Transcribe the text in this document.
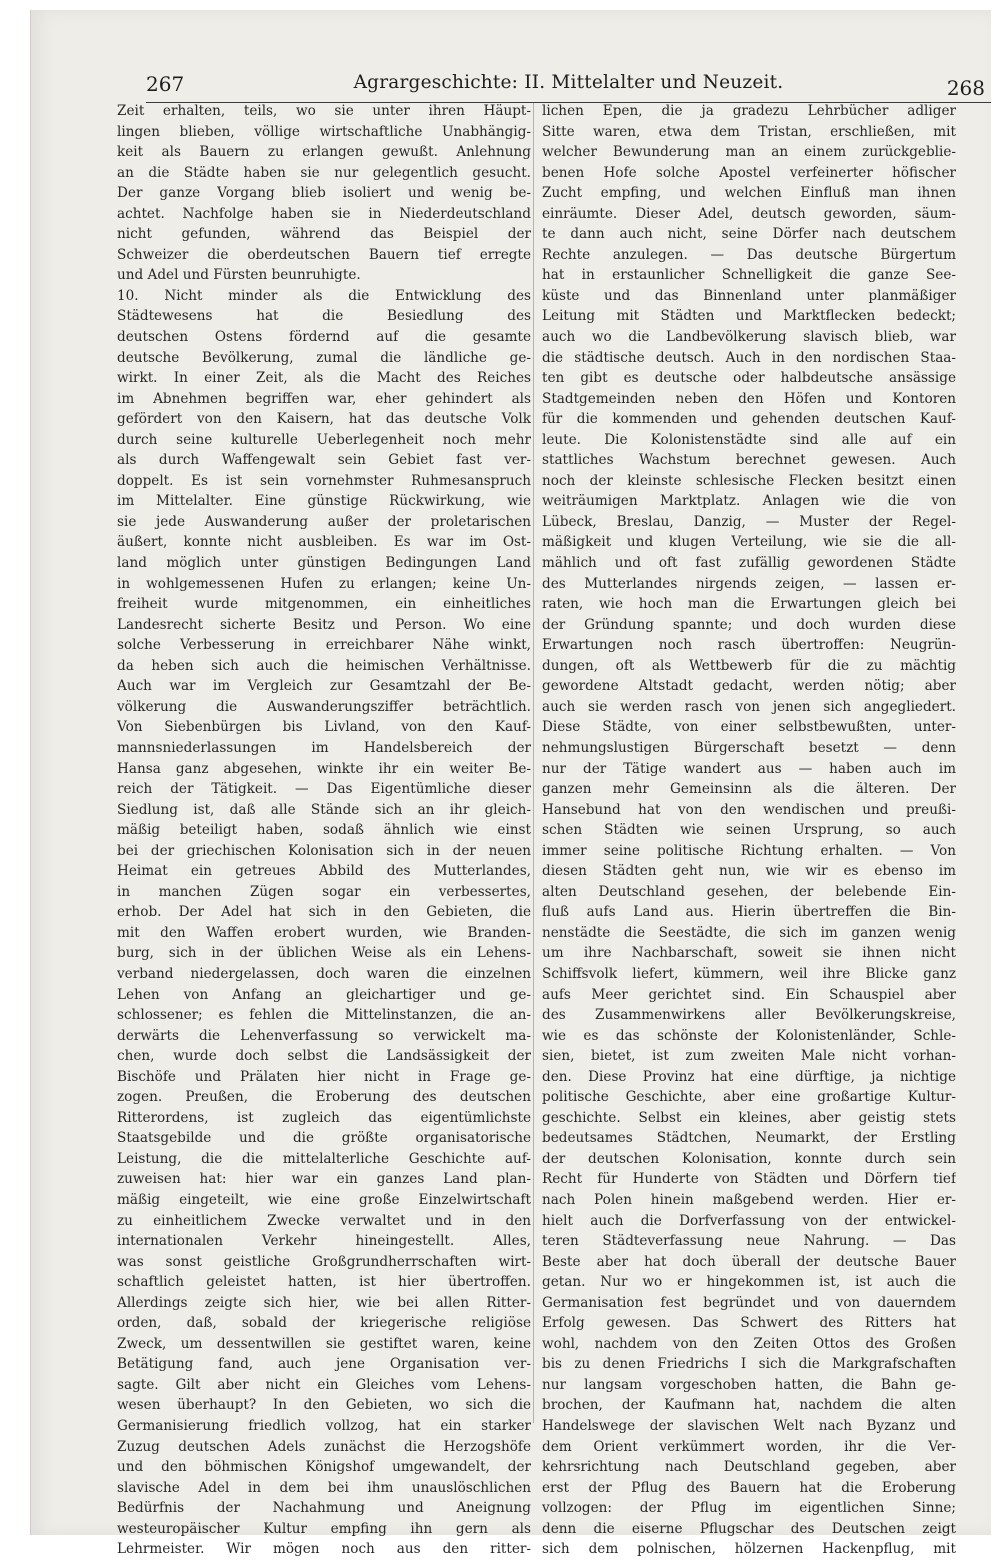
267	Agrargeschichte: II. Mittelalter und Neuzeit.	268
Zeit erhalten, teils, wo sie unter ihren Häupt-
lingen blieben, völlige wirtschaftliche Unabhängig-
keit als Bauern zu erlangen gewußt. Anlehnung
an die Städte haben sie nur gelegentlich gesucht.
Der ganze Vorgang blieb isoliert und wenig be-
achtet. Nachfolge haben sie in Niederdeutschland
nicht gefunden, während das Beispiel der
Schweizer die oberdeutschen Bauern tief erregte
und Adel und Fürsten beunruhigte.
10. Nicht minder als die Entwicklung des
Städtewesens hat die Besiedlung des
deutschen Ostens fördernd auf die gesamte
deutsche Bevölkerung, zumal die ländliche ge-
wirkt. In einer Zeit, als die Macht des Reiches
im Abnehmen begriffen war, eher gehindert als
gefördert von den Kaisern, hat das deutsche Volk
durch seine kulturelle Ueberlegenheit noch mehr
als durch Waffengewalt sein Gebiet fast ver-
doppelt. Es ist sein vornehmster Ruhmesanspruch
im Mittelalter. Eine günstige Rückwirkung, wie
sie jede Auswanderung außer der proletarischen
äußert, konnte nicht ausbleiben. Es war im Ost-
land möglich unter günstigen Bedingungen Land
in wohlgemessenen Hufen zu erlangen; keine Un-
freiheit wurde mitgenommen, ein einheitliches
Landesrecht sicherte Besitz und Person. Wo eine
solche Verbesserung in erreichbarer Nähe winkt,
da heben sich auch die heimischen Verhältnisse.
Auch war im Vergleich zur Gesamtzahl der Be-
völkerung die Auswanderungsziffer beträchtlich.
Von Siebenbürgen bis Livland, von den Kauf-
mannsniederlassungen im Handelsbereich der
Hansa ganz abgesehen, winkte ihr ein weiter Be-
reich der Tätigkeit. — Das Eigentümliche dieser
Siedlung ist, daß alle Stände sich an ihr gleich-
mäßig beteiligt haben, sodaß ähnlich wie einst
bei der griechischen Kolonisation sich in der neuen
Heimat ein getreues Abbild des Mutterlandes,
in manchen Zügen sogar ein verbessertes,
erhob. Der Adel hat sich in den Gebieten, die
mit den Waffen erobert wurden, wie Branden-
burg, sich in der üblichen Weise als ein Lehens-
verband niedergelassen, doch waren die einzelnen
Lehen von Anfang an gleichartiger und ge-
schlossener; es fehlen die Mittelinstanzen, die an-
derwärts die Lehenverfassung so verwickelt ma-
chen, wurde doch selbst die Landsässigkeit der
Bischöfe und Prälaten hier nicht in Frage ge-
zogen. Preußen, die Eroberung des deutschen
Ritterordens, ist zugleich das eigentümlichste
Staatsgebilde und die größte organisatorische
Leistung, die die mittelalterliche Geschichte auf-
zuweisen hat: hier war ein ganzes Land plan-
mäßig eingeteilt, wie eine große Einzelwirtschaft
zu einheitlichem Zwecke verwaltet und in den
internationalen Verkehr hineingestellt. Alles,
was sonst geistliche Großgrundherrschaften wirt-
schaftlich geleistet hatten, ist hier übertroffen.
Allerdings zeigte sich hier, wie bei allen Ritter-
orden, daß, sobald der kriegerische religiöse
Zweck, um dessentwillen sie gestiftet waren, keine
Betätigung fand, auch jene Organisation ver-
sagte. Gilt aber nicht ein Gleiches vom Lehens-
wesen überhaupt? In den Gebieten, wo sich die
Germanisierung friedlich vollzog, hat ein starker
Zuzug deutschen Adels zunächst die Herzogshöfe
und den böhmischen Königshof umgewandelt, der
slavische Adel in dem bei ihm unauslöschlichen
Bedürfnis der Nachahmung und Aneignung
westeuropäischer Kultur empfing ihn gern als
Lehrmeister. Wir mögen noch aus den ritter-
lichen Epen, die ja gradezu Lehrbücher adliger
Sitte waren, etwa dem Tristan, erschließen, mit
welcher Bewunderung man an einem zurückgeblie-
benen Hofe solche Apostel verfeinerter höfischer
Zucht empfing, und welchen Einfluß man ihnen
einräumte. Dieser Adel, deutsch geworden, säum-
te dann auch nicht, seine Dörfer nach deutschem
Rechte anzulegen. — Das deutsche Bürgertum
hat in erstaunlicher Schnelligkeit die ganze See-
küste und das Binnenland unter planmäßiger
Leitung mit Städten und Marktflecken bedeckt;
auch wo die Landbevölkerung slavisch blieb, war
die städtische deutsch. Auch in den nordischen Staa-
ten gibt es deutsche oder halbdeutsche ansässige
Stadtgemeinden neben den Höfen und Kontoren
für die kommenden und gehenden deutschen Kauf-
leute. Die Kolonistenstädte sind alle auf ein
stattliches Wachstum berechnet gewesen. Auch
noch der kleinste schlesische Flecken besitzt einen
weiträumigen Marktplatz. Anlagen wie die von
Lübeck, Breslau, Danzig, — Muster der Regel-
mäßigkeit und klugen Verteilung, wie sie die all-
mählich und oft fast zufällig gewordenen Städte
des Mutterlandes nirgends zeigen, — lassen er-
raten, wie hoch man die Erwartungen gleich bei
der Gründung spannte; und doch wurden diese
Erwartungen noch rasch übertroffen: Neugrün-
dungen, oft als Wettbewerb für die zu mächtig
gewordene Altstadt gedacht, werden nötig; aber
auch sie werden rasch von jenen sich angegliedert.
Diese Städte, von einer selbstbewußten, unter-
nehmungslustigen Bürgerschaft besetzt — denn
nur der Tätige wandert aus — haben auch im
ganzen mehr Gemeinsinn als die älteren. Der
Hansebund hat von den wendischen und preußi-
schen Städten wie seinen Ursprung, so auch
immer seine politische Richtung erhalten. — Von
diesen Städten geht nun, wie wir es ebenso im
alten Deutschland gesehen, der belebende Ein-
fluß aufs Land aus. Hierin übertreffen die Bin-
nenstädte die Seestädte, die sich im ganzen wenig
um ihre Nachbarschaft, soweit sie ihnen nicht
Schiffsvolk liefert, kümmern, weil ihre Blicke ganz
aufs Meer gerichtet sind. Ein Schauspiel aber
des Zusammenwirkens aller Bevölkerungskreise,
wie es das schönste der Kolonistenländer, Schle-
sien, bietet, ist zum zweiten Male nicht vorhan-
den. Diese Provinz hat eine dürftige, ja nichtige
politische Geschichte, aber eine großartige Kultur-
geschichte. Selbst ein kleines, aber geistig stets
bedeutsames Städtchen, Neumarkt, der Erstling
der deutschen Kolonisation, konnte durch sein
Recht für Hunderte von Städten und Dörfern tief
nach Polen hinein maßgebend werden. Hier er-
hielt auch die Dorfverfassung von der entwickel-
teren Städteverfassung neue Nahrung. — Das
Beste aber hat doch überall der deutsche Bauer
getan. Nur wo er hingekommen ist, ist auch die
Germanisation fest begründet und von dauerndem
Erfolg gewesen. Das Schwert des Ritters hat
wohl, nachdem von den Zeiten Ottos des Großen
bis zu denen Friedrichs I sich die Markgrafschaften
nur langsam vorgeschoben hatten, die Bahn ge-
brochen, der Kaufmann hat, nachdem die alten
Handelswege der slavischen Welt nach Byzanz und
dem Orient verkümmert worden, ihr die Ver-
kehrsrichtung nach Deutschland gegeben, aber
erst der Pflug des Bauern hat die Eroberung
vollzogen: der Pflug im eigentlichen Sinne;
denn die eiserne Pflugschar des Deutschen zeigt
sich dem polnischen, hölzernen Hackenpflug, mit
